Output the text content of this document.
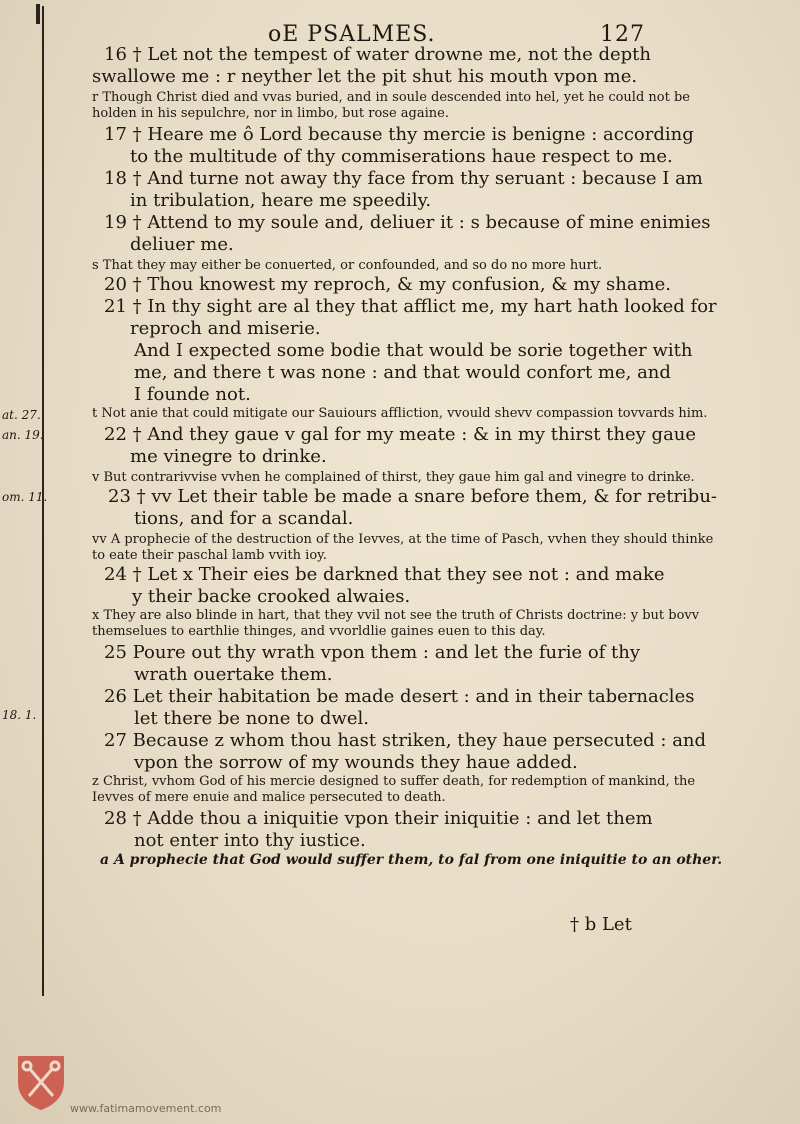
oE PSALMES.	127
16 † Let not the tempest of water drowne me, not the depth
swallowe me : r neyther let the pit shut his mouth vpon me.
r Though Christ died and vvas buried, and in soule descended into hel, yet he could not be
holden in his sepulchre, nor in limbo, but rose againe.
17 † Heare me ô Lord because thy mercie is benigne : according
to the multitude of thy commiserations haue respect to me.
18 † And turne not away thy face from thy seruant : because I am
in tribulation, heare me speedily.
19 † Attend to my soule and, deliuer it : s because of mine enimies
deliuer me.
s That they may either be conuerted, or confounded, and so do no more hurt.
20 † Thou knowest my reproch, & my confusion, & my shame.
21 † In thy sight are al they that afflict me, my hart hath looked for
reproch and miserie.
And I expected some bodie that would be sorie together with
me, and there t was none : and that would confort me, and
I founde not.
t Not anie that could mitigate our Sauiours affliction, vvould shevv compassion tovvards him.
22 † And they gaue v gal for my meate : & in my thirst they gaue
me vinegre to drinke.
v But contrarivvise vvhen he complained of thirst, they gaue him gal and vinegre to drinke.
23 † vv Let their table be made a snare before them, & for retribu-
tions, and for a scandal.
vv A prophecie of the destruction of the Ievves, at the time of Pasch, vvhen they should thinke
to eate their paschal lamb vvith ioy.
24 † Let x Their eies be darkned that they see not : and make
y their backe crooked alwaies.
x They are also blinde in hart, that they vvil not see the truth of Christs doctrine: y but bovv
themselues to earthlie thinges, and vvorldlie gaines euen to this day.
25 Poure out thy wrath vpon them : and let the furie of thy
wrath ouertake them.
26 Let their habitation be made desert : and in their tabernacles
let there be none to dwel.
27 Because z whom thou hast striken, they haue persecuted : and
vpon the sorrow of my wounds they haue added.
z Christ, vvhom God of his mercie designed to suffer death, for redemption of mankind, the
Ievves of mere enuie and malice persecuted to death.
28 † Adde thou a iniquitie vpon their iniquitie : and let them
not enter into thy iustice.
a A prophecie that God would suffer them, to fal from one iniquitie to an other.
† b Let
at. 27.
an. 19.
om. 11.
18. 1.
www.fatimamovement.com
